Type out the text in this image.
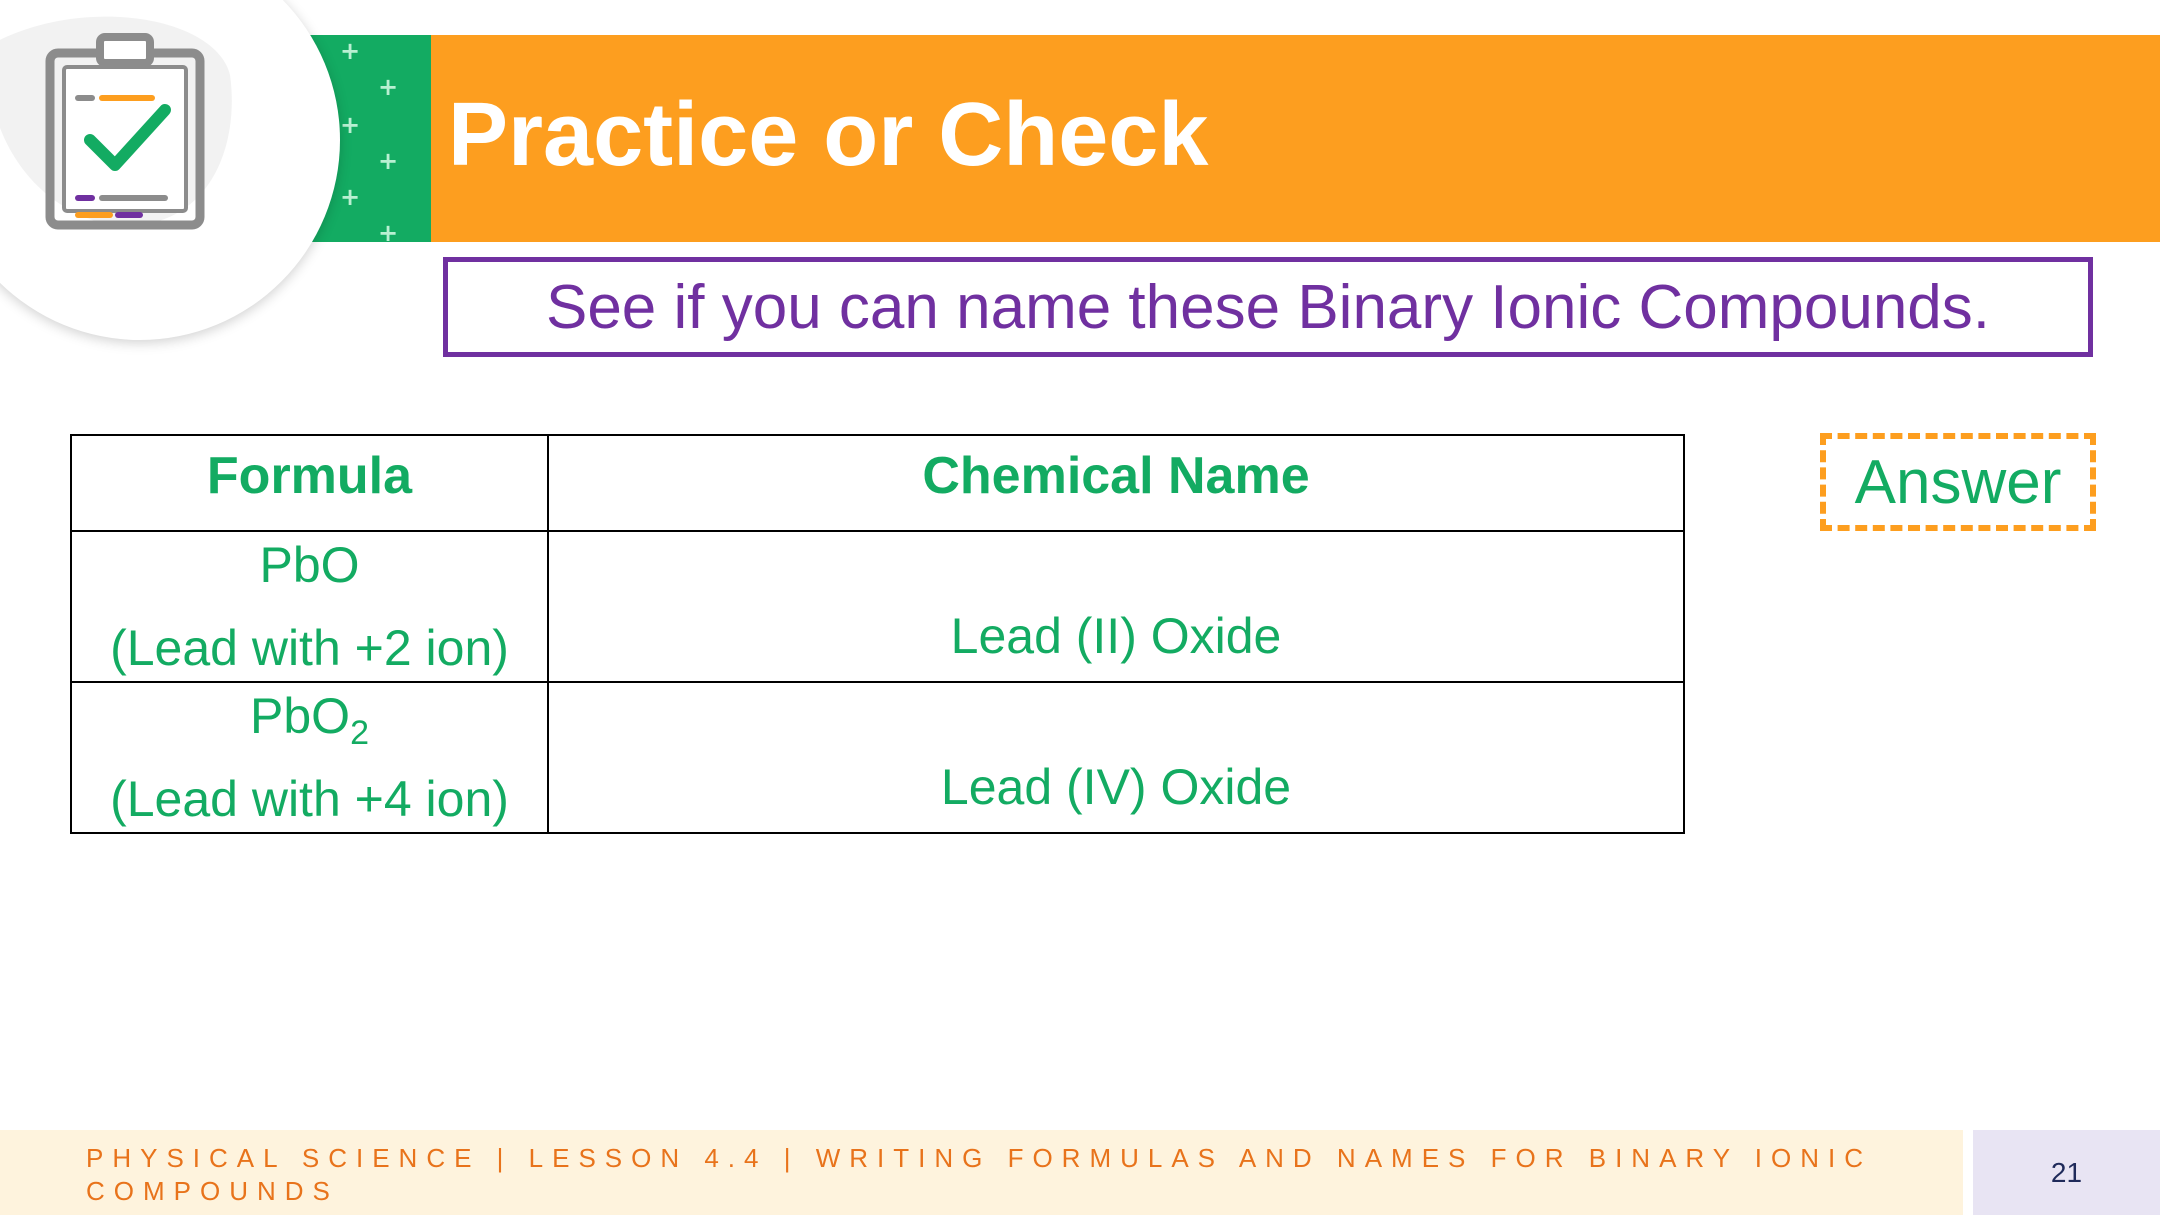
+
+
+
+
+
+
Practice or Check
See if you can name these Binary Ionic Compounds.
Formula	Chemical Name

PbO
(Lead with +2 ion)	Lead (II) Oxide

PbO$_2$
(Lead with +4 ion)	Lead (IV) Oxide
Answer
PHYSICAL SCIENCE | LESSON 4.4 | WRITING FORMULAS AND NAMES FOR BINARY IONIC COMPOUNDS
21
